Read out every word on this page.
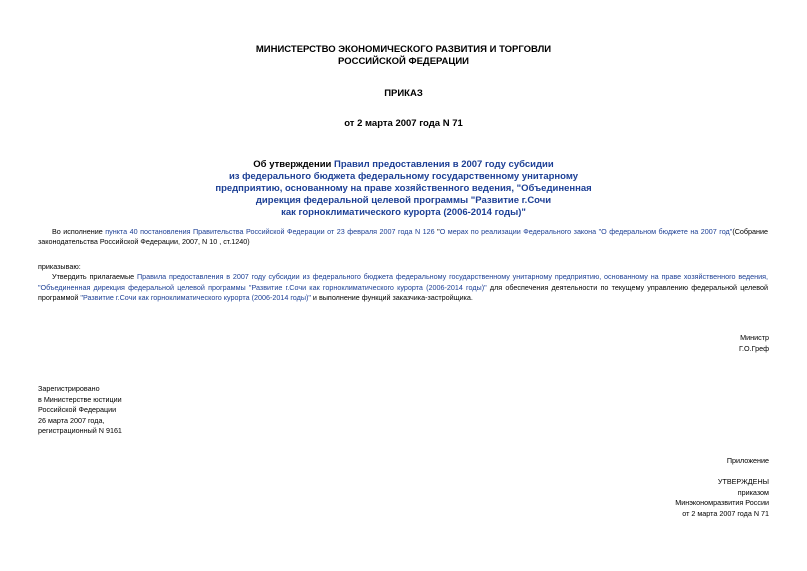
МИНИСТЕРСТВО ЭКОНОМИЧЕСКОГО РАЗВИТИЯ И ТОРГОВЛИ
РОССИЙСКОЙ ФЕДЕРАЦИИ
ПРИКАЗ
от 2 марта 2007 года N 71
Об утверждении Правил предоставления в 2007 году субсидии
из федерального бюджета федеральному государственному унитарному
предприятию, основанному на праве хозяйственного ведения, "Объединенная
дирекция федеральной целевой программы "Развитие г.Сочи
как горноклиматического курорта (2006-2014 годы)"
Во исполнение пункта 40 постановления Правительства Российской Федерации от 23 февраля 2007 года N 126 "О мерах по реализации Федерального закона "О федеральном бюджете на 2007 год"(Собрание законодательства Российской Федерации, 2007, N 10 , ст.1240)
приказываю:
Утвердить прилагаемые Правила предоставления в 2007 году субсидии из федерального бюджета федеральному государственному унитарному предприятию, основанному на праве хозяйственного ведения, "Объединенная дирекция федеральной целевой программы "Развитие г.Сочи как горноклиматического курорта (2006-2014 годы)" для обеспечения деятельности по текущему управлению федеральной целевой программой "Развитие г.Сочи как горноклиматического курорта (2006-2014 годы)" и выполнение функций заказчика-застройщика.
Министр
Г.О.Греф
Зарегистрировано
в Министерстве юстиции
Российской Федерации
26 марта 2007 года,
регистрационный N 9161
Приложение
УТВЕРЖДЕНЫ
приказом
Минэкономразвития России
от 2 марта 2007 года N 71
